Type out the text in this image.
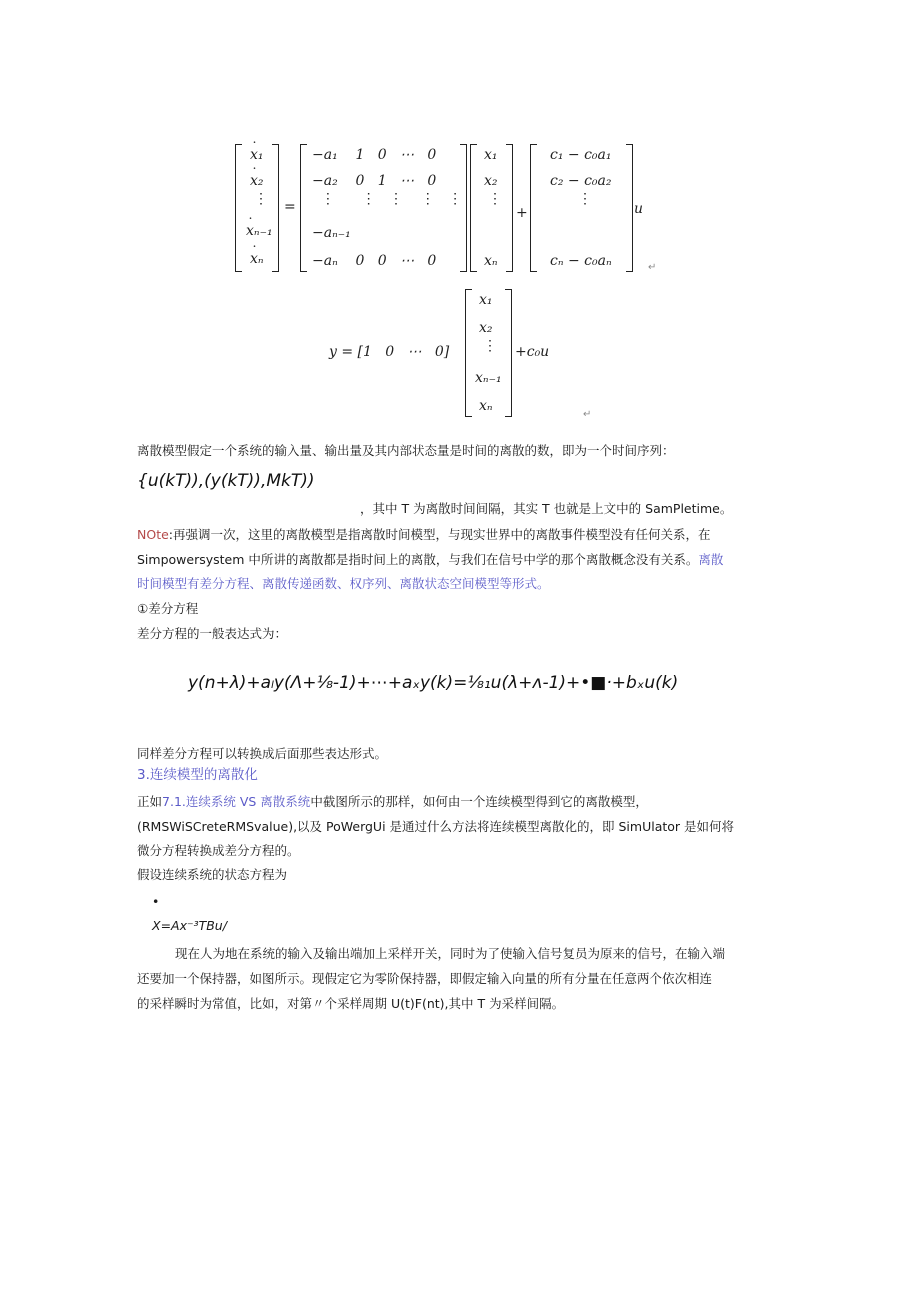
˙ x₁
˙ x₂
⋮
˙ xₙ₋₁
˙ xₙ
=
−a₁    1   0   ⋯   0
−a₂    0   1   ⋯   0
⋮      ⋮   ⋮    ⋮   ⋮
−aₙ₋₁
−aₙ    0   0   ⋯   0
x₁
x₂
⋮
xₙ
+
c₁ − c₀a₁
c₂ − c₀a₂
⋮
cₙ − c₀aₙ
u
↵
y = [1   0   ⋯   0]
x₁
x₂
⋮
xₙ₋₁
xₙ
+c₀u
↵
离散模型假定一个系统的输入量、输出量及其内部状态量是时间的离散的数，即为一个时间序列：
{u(kT)),(y(kT)),MkT))
，其中 T 为离散时间间隔，其实 T 也就是上文中的 SamPletime。
NOte:再强调一次，这里的离散模型是指离散时间模型，与现实世界中的离散事件模型没有任何关系，在
Simpowersystem 中所讲的离散都是指时间上的离散，与我们在信号中学的那个离散概念没有关系。离散
时间模型有差分方程、离散传递函数、权序列、离散状态空间模型等形式。
①差分方程
差分方程的一般表达式为：
y(n+λ)+aₗy(Λ+⅛-1)+⋯+aₓy(k)=⅛₁u(λ+ʌ-1)+•■·+bₓu(k)
同样差分方程可以转换成后面那些表达形式。
3.连续模型的离散化
正如7.1.连续系统 VS 离散系统中截图所示的那样，如何由一个连续模型得到它的离散模型，
(RMSWiSCreteRMSvalue),以及 PoWergUi 是通过什么方法将连续模型离散化的，即 SimUlator 是如何将
微分方程转换成差分方程的。
假设连续系统的状态方程为
•
X=Ax⁻³TBu/
现在人为地在系统的输入及输出端加上采样开关，同时为了使输入信号复员为原来的信号，在输入端
还要加一个保持器，如图所示。现假定它为零阶保持器，即假定输入向量的所有分量在任意两个依次相连
的采样瞬时为常值，比如，对第〃个采样周期 U(t)F(nt),其中 T 为采样间隔。
